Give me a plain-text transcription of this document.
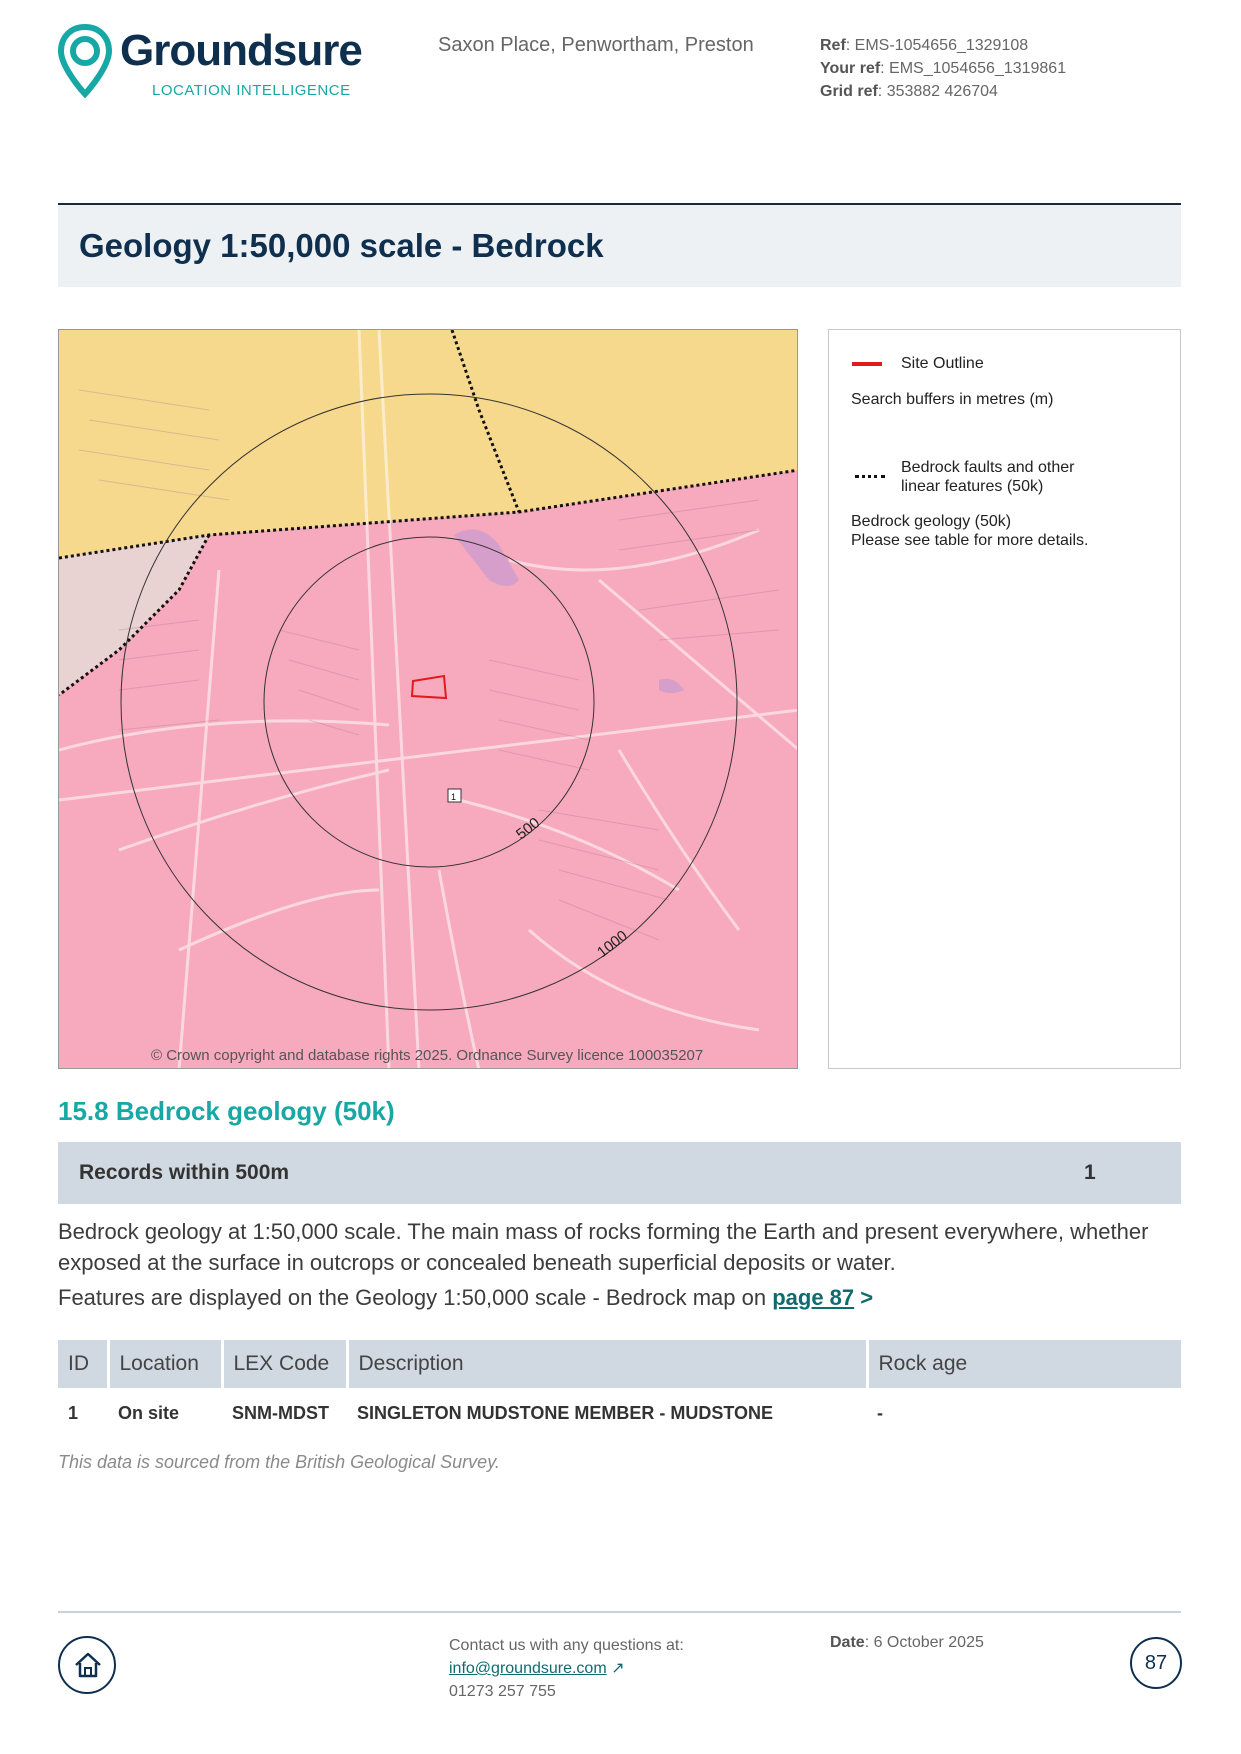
Groundsure
LOCATION INTELLIGENCE
Saxon Place, Penwortham, Preston	Ref: EMS-1054656_1329108
Your ref: EMS_1054656_1319861
Grid ref: 353882 426704
Geology 1:50,000 scale - Bedrock
500
1000
1
© Crown copyright and database rights 2025. Ordnance Survey licence 100035207
Site Outline
Search buffers in metres (m)
Bedrock faults and other
linear features (50k)
Bedrock geology (50k)
Please see table for more details.
15.8 Bedrock geology (50k)
Records within 500m	1
Bedrock geology at 1:50,000 scale. The main mass of rocks forming the Earth and present everywhere, whether exposed at the surface in outcrops or concealed beneath superficial deposits or water.
Features are displayed on the Geology 1:50,000 scale - Bedrock map on page 87 >
ID	Location	LEX Code	Description	Rock age
1	On site	SNM-MDST	SINGLETON MUDSTONE MEMBER - MUDSTONE	-
This data is sourced from the British Geological Survey.
Contact us with any questions at:
info@groundsure.com ↗
01273 257 755
Date: 6 October 2025
87
